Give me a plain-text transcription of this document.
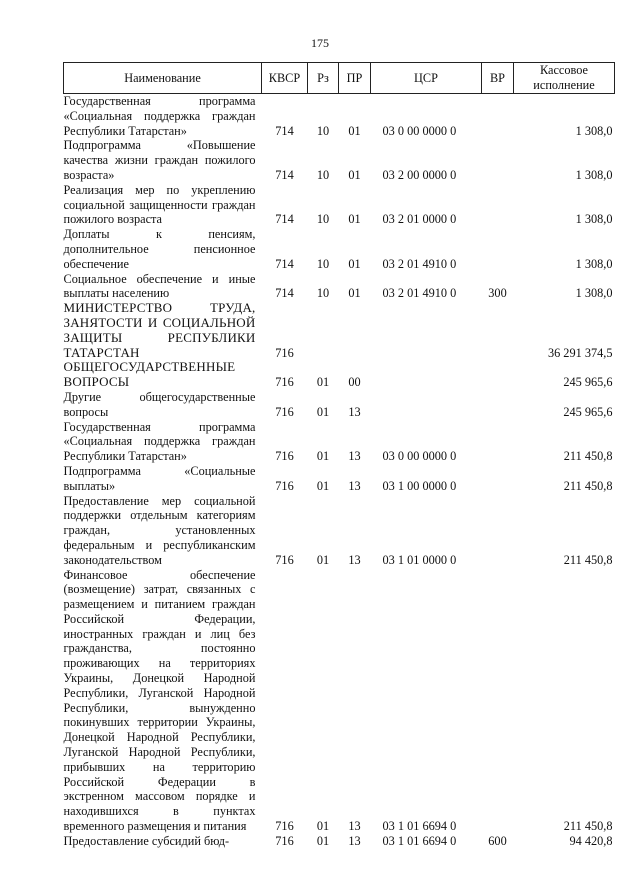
175
Наименование	КВСР	Рз	ПР	ЦСР	ВР	Кассовое исполнение
Государственная программа «Социальная поддержка граждан Республики Татарстан»	714	10	01	03 0 00 0000 0		1 308,0
Подпрограмма «Повышение качества жизни граждан пожилого возраста»	714	10	01	03 2 00 0000 0		1 308,0
Реализация мер по укреплению социальной защищенности граждан пожилого возраста	714	10	01	03 2 01 0000 0		1 308,0
Доплаты к пенсиям, дополнительное пенсионное обеспечение	714	10	01	03 2 01 4910 0		1 308,0
Социальное обеспечение и иные выплаты населению	714	10	01	03 2 01 4910 0	300	1 308,0
МИНИСТЕРСТВО ТРУДА, ЗАНЯТОСТИ И СОЦИАЛЬНОЙ ЗАЩИТЫ РЕСПУБЛИКИ ТАТАРСТАН	716					36 291 374,5
ОБЩЕГОСУДАРСТВЕННЫЕ ВОПРОСЫ	716	01	00			245 965,6
Другие общегосударственные вопросы	716	01	13			245 965,6
Государственная программа «Социальная поддержка граждан Республики Татарстан»	716	01	13	03 0 00 0000 0		211 450,8
Подпрограмма «Социальные выплаты»	716	01	13	03 1 00 0000 0		211 450,8
Предоставление мер социальной поддержки отдельным категориям граждан, установленных федеральным и республиканским законодательством	716	01	13	03 1 01 0000 0		211 450,8
Финансовое обеспечение (возмещение) затрат, связанных с размещением и питанием граждан Российской Федерации, иностранных граждан и лиц без гражданства, постоянно проживающих на территориях Украины, Донецкой Народной Республики, Луганской Народной Республики, вынужденно покинувших территории Украины, Донецкой Народной Республики, Луганской Народной Республики, прибывших на территорию Российской Федерации в экстренном массовом порядке и находившихся в пунктах временного размещения и питания	716	01	13	03 1 01 6694 0		211 450,8
Предоставление субсидий бюд-	716	01	13	03 1 01 6694 0	600	94 420,8
